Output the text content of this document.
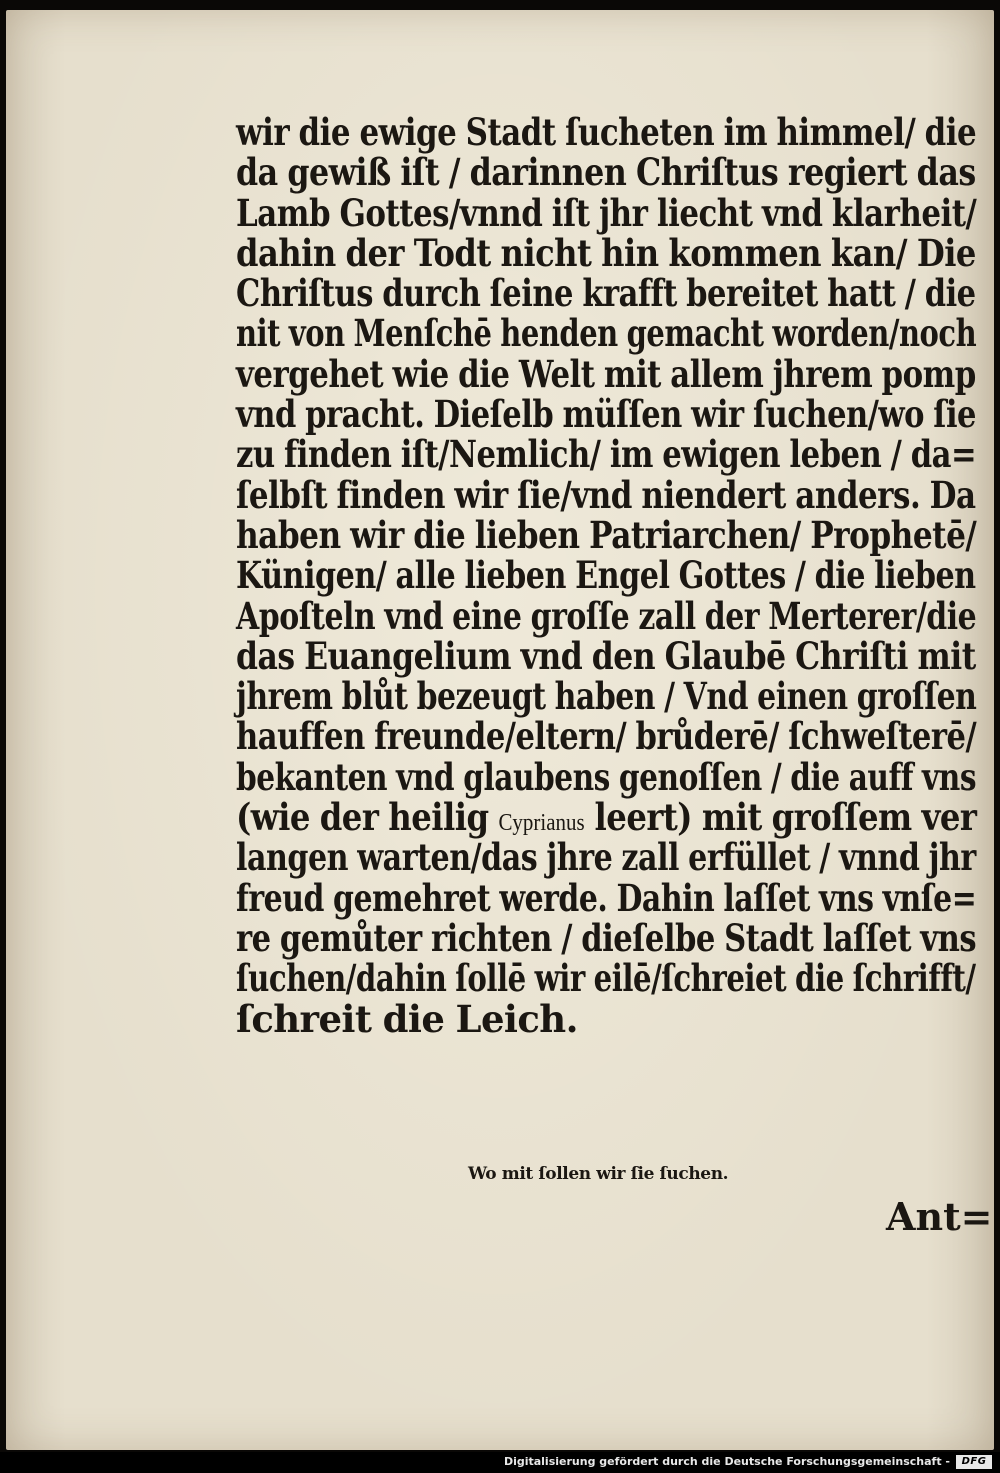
wir die ewige Stadt ſucheten im himmel/ die
da gewiß iſt / darinnen Chriſtus regiert das
Lamb Gottes/vnnd iſt jhr liecht vnd klarheit/
dahin der Todt nicht hin kommen kan/ Die
Chriſtus durch ſeine krafft bereitet hatt / die
nit von Menſchē henden gemacht worden/noch
vergehet wie die Welt mit allem jhrem pomp
vnd pracht. Dieſelb müſſen wir ſuchen/wo ſie
zu finden iſt/Nemlich/ im ewigen leben / da=
ſelbſt finden wir ſie/vnd niendert anders. Da
haben wir die lieben Patriarchen/ Prophetē/
Künigen/ alle lieben Engel Gottes / die lieben
Apoſteln vnd eine groſſe zall der Merterer/die
das Euangelium vnd den Glaubē Chriſti mit
jhrem blůt bezeugt haben / Vnd einen groſſen
hauffen freunde/eltern/ brůderē/ ſchweſterē/
bekanten vnd glaubens genoſſen / die auff vns
(wie der heilig Cyprianus leert) mit groſſem ver
langen warten/das jhre zall erfüllet / vnnd jhr
freud gemehret werde. Dahin laſſet vns vnſe=
re gemůter richten / dieſelbe Stadt laſſet vns
ſuchen/dahin ſollē wir eilē/ſchreiet die ſchrifft/
ſchreit die Leich.
Wo mit ſollen wir ſie ſuchen.
Ant=
Digitalisierung gefördert durch die Deutsche Forschungsgemeinschaft -	DFG
